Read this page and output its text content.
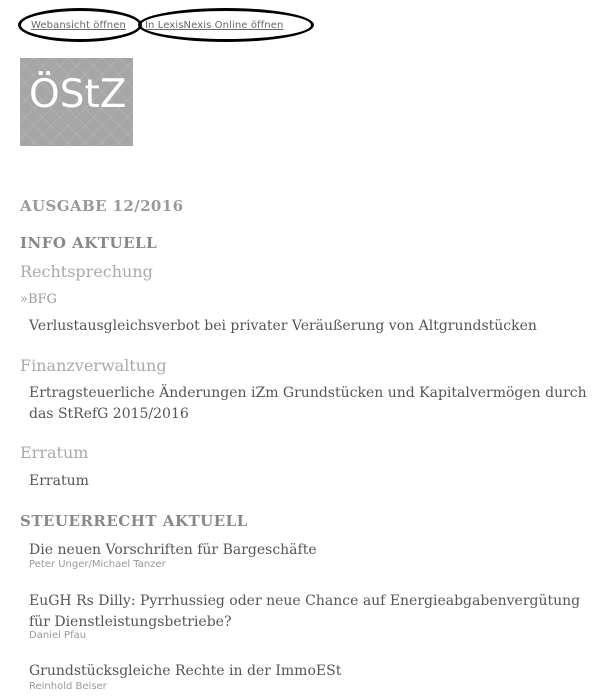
Webansicht öffnen In LexisNexis Online öffnen
ÖStZ
AUSGABE 12/2016
INFO AKTUELL
Rechtsprechung
»BFG
Verlustausgleichsverbot bei privater Veräußerung von Altgrundstücken
Finanzverwaltung
Ertragsteuerliche Änderungen iZm Grundstücken und Kapitalvermögen durch das StRefG 2015/2016
Erratum
Erratum
STEUERRECHT AKTUELL
Die neuen Vorschriften für Bargeschäfte
Peter Unger/Michael Tanzer
EuGH Rs Dilly: Pyrrhussieg oder neue Chance auf Energieabgabenvergütung für Dienstleistungsbetriebe?
Daniel Pfau
Grundstücksgleiche Rechte in der ImmoESt
Reinhold Beiser
